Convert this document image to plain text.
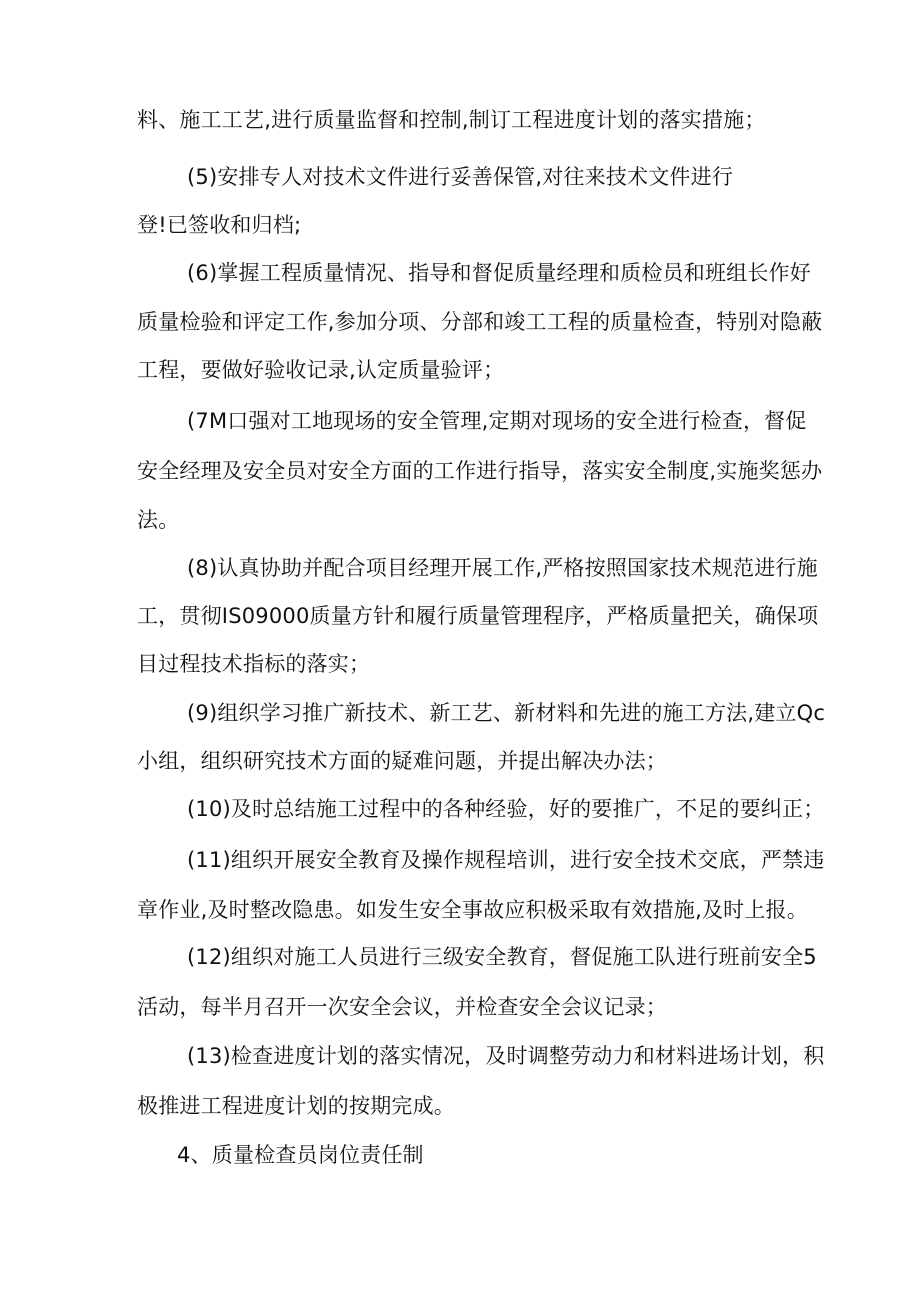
料、施工工艺,进行质量监督和控制,制订工程进度计划的落实措施；
(5)安排专人对技术文件进行妥善保管,对往来技术文件进行
登!已签收和归档;
(6)掌握工程质量情况、指导和督促质量经理和质检员和班组长作好
质量检验和评定工作,参加分项、分部和竣工工程的质量检查，特别对隐蔽
工程，要做好验收记录,认定质量验评；
(7M口强对工地现场的安全管理,定期对现场的安全进行检查，督促
安全经理及安全员对安全方面的工作进行指导，落实安全制度,实施奖惩办
法。
(8)认真协助并配合项目经理开展工作,严格按照国家技术规范进行施
工，贯彻IS09000质量方针和履行质量管理程序，严格质量把关，确保项
目过程技术指标的落实；
(9)组织学习推广新技术、新工艺、新材料和先进的施工方法,建立Qc
小组，组织研究技术方面的疑难问题，并提出解决办法；
(10)及时总结施工过程中的各种经验，好的要推广，不足的要纠正；
(11)组织开展安全教育及操作规程培训，进行安全技术交底，严禁违
章作业,及时整改隐患。如发生安全事故应积极采取有效措施,及时上报。
(12)组织对施工人员进行三级安全教育，督促施工队进行班前安全5
活动，每半月召开一次安全会议，并检查安全会议记录；
(13)检查进度计划的落实情况，及时调整劳动力和材料进场计划，积
极推进工程进度计划的按期完成。
4、质量检查员岗位责任制
